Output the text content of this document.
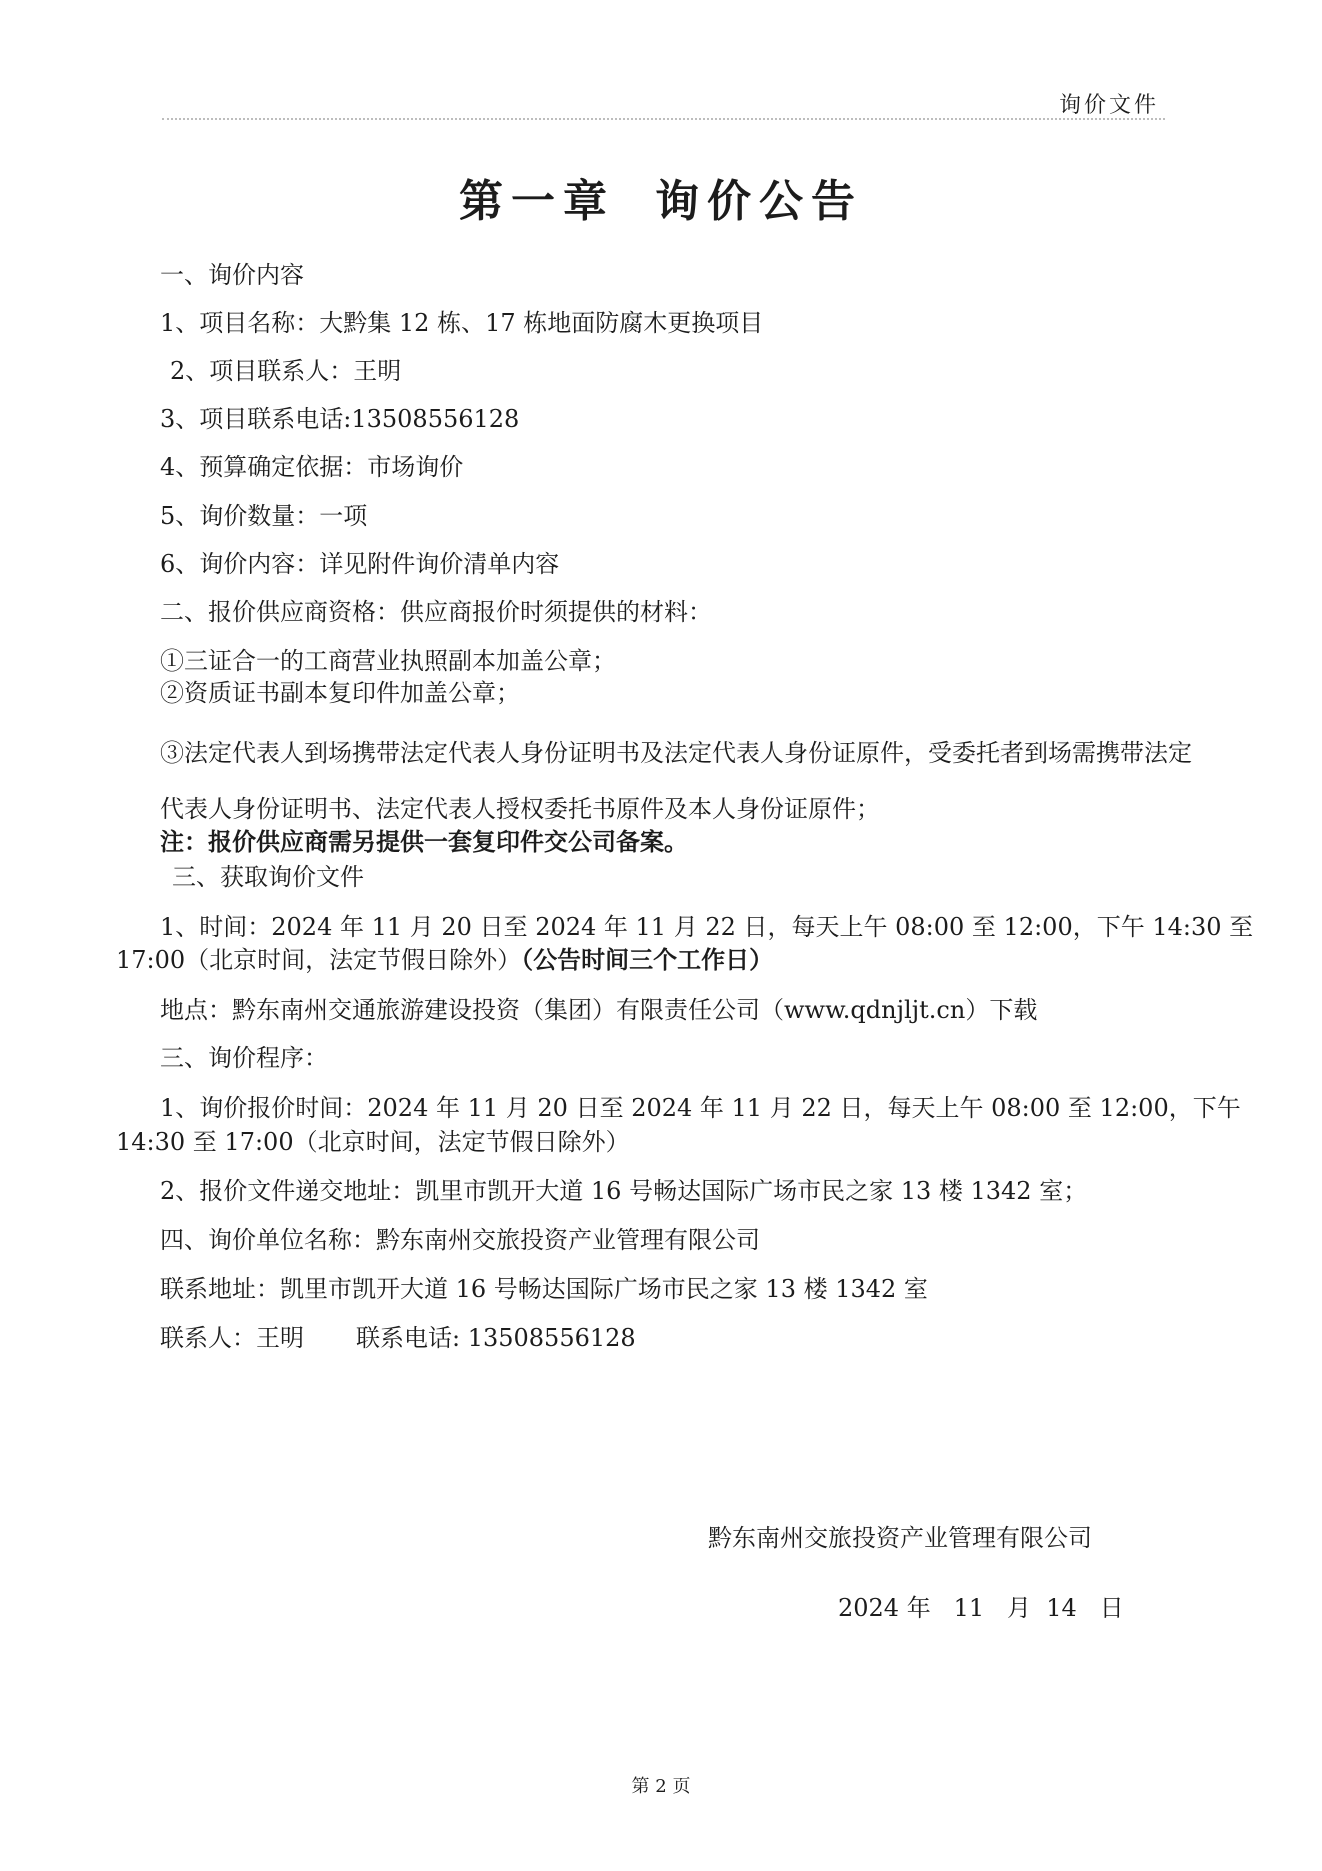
询价文件
第一章 询价公告
一、询价内容
1、项目名称：大黔集 12 栋、17 栋地面防腐木更换项目
2、项目联系人：王明
3、项目联系电话:13508556128
4、预算确定依据：市场询价
5、询价数量：一项
6、询价内容：详见附件询价清单内容
二、报价供应商资格：供应商报价时须提供的材料：
①三证合一的工商营业执照副本加盖公章；
②资质证书副本复印件加盖公章；
③法定代表人到场携带法定代表人身份证明书及法定代表人身份证原件，受委托者到场需携带法定
代表人身份证明书、法定代表人授权委托书原件及本人身份证原件；
注：报价供应商需另提供一套复印件交公司备案。
三、获取询价文件
1、时间：2024 年 11 月 20 日至 2024 年 11 月 22 日，每天上午 08:00 至 12:00，下午 14:30 至
17:00（北京时间，法定节假日除外）（公告时间三个工作日）
地点：黔东南州交通旅游建设投资（集团）有限责任公司（www.qdnjljt.cn）下载
三、询价程序：
1、询价报价时间：2024 年 11 月 20 日至 2024 年 11 月 22 日，每天上午 08:00 至 12:00，下午
14:30 至 17:00（北京时间，法定节假日除外）
2、报价文件递交地址：凯里市凯开大道 16 号畅达国际广场市民之家 13 楼 1342 室；
四、询价单位名称：黔东南州交旅投资产业管理有限公司
联系地址：凯里市凯开大道 16 号畅达国际广场市民之家 13 楼 1342 室
联系人：王明 联系电话: 13508556128
黔东南州交旅投资产业管理有限公司
2024 年   11   月  14   日
第 2 页
